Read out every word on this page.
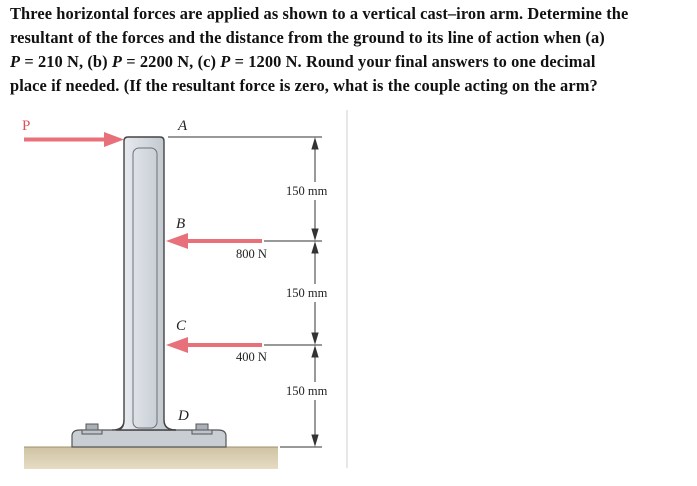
Three horizontal forces are applied as shown to a vertical cast–iron arm. Determine the
resultant of the forces and the distance from the ground to its line of action when (a)
P = 210 N, (b) P = 2200 N, (c) P = 1200 N. Round your final answers to one decimal
place if needed. (If the resultant force is zero, what is the couple acting on the arm?
P	A
B
C
D
800 N
400 N
150 mm
150 mm
150 mm
